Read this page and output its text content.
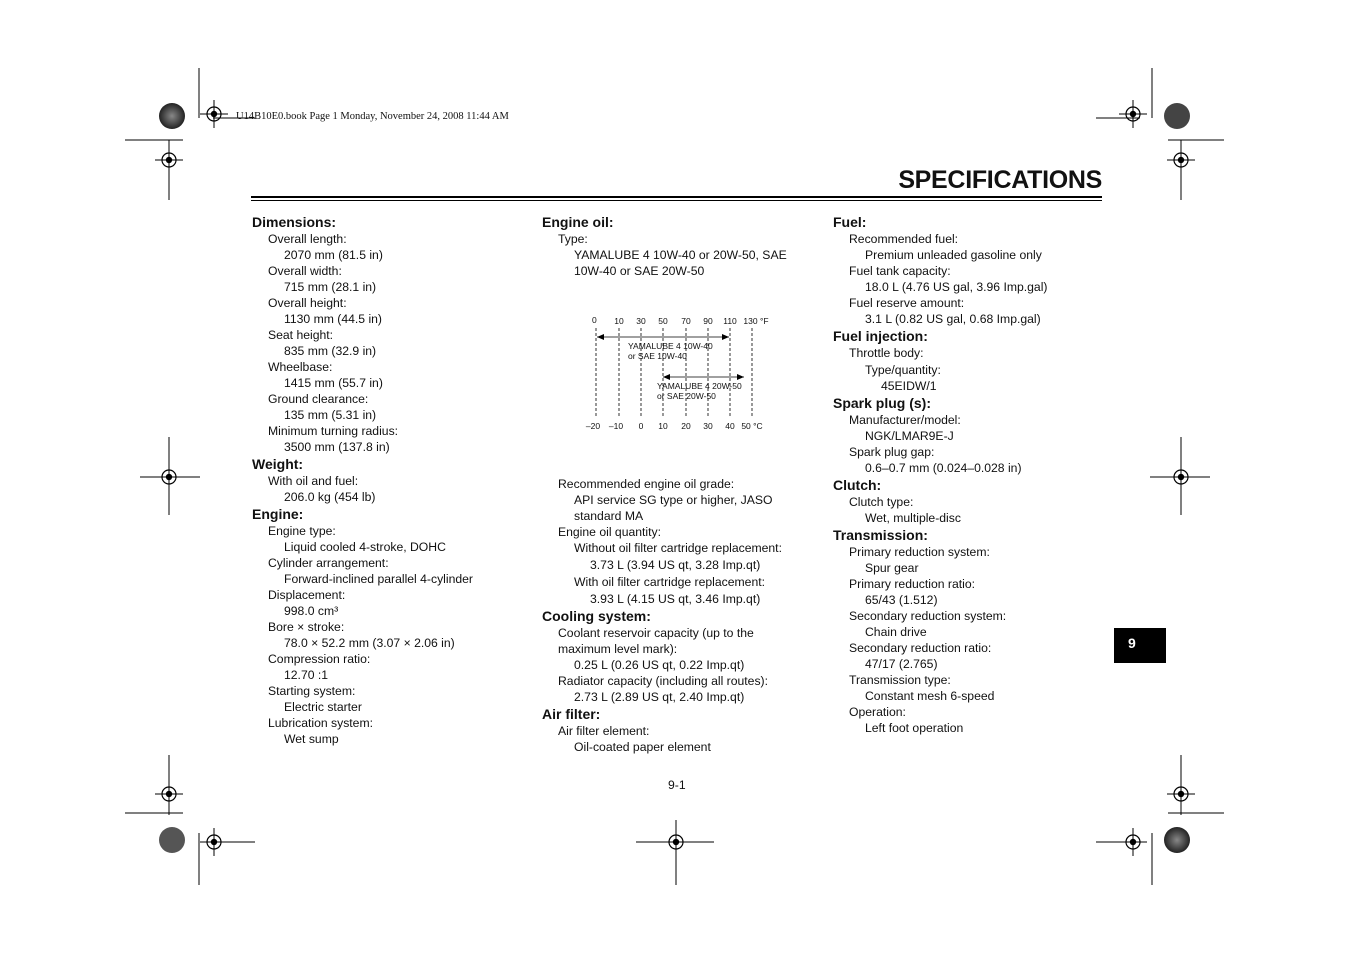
U14B10E0.book Page 1 Monday, November 24, 2008 11:44 AM
SPECIFICATIONS
Dimensions:
Overall length:
2070 mm (81.5 in)
Overall width:
715 mm (28.1 in)
Overall height:
1130 mm (44.5 in)
Seat height:
835 mm (32.9 in)
Wheelbase:
1415 mm (55.7 in)
Ground clearance:
135 mm (5.31 in)
Minimum turning radius:
3500 mm (137.8 in)
Weight:
With oil and fuel:
206.0 kg (454 lb)
Engine:
Engine type:
Liquid cooled 4-stroke, DOHC
Cylinder arrangement:
Forward-inclined parallel 4-cylinder
Displacement:
998.0 cm³
Bore × stroke:
78.0 × 52.2 mm (3.07 × 2.06 in)
Compression ratio:
12.70 :1
Starting system:
Electric starter
Lubrication system:
Wet sump
Engine oil:
Type:
YAMALUBE 4 10W-40 or 20W-50, SAE
10W-40 or SAE 20W-50
Recommended engine oil grade:
API service SG type or higher, JASO
standard MA
Engine oil quantity:
Without oil filter cartridge replacement:
3.73 L (3.94 US qt, 3.28 Imp.qt)
With oil filter cartridge replacement:
3.93 L (4.15 US qt, 3.46 Imp.qt)
Cooling system:
Coolant reservoir capacity (up to the
maximum level mark):
0.25 L (0.26 US qt, 0.22 Imp.qt)
Radiator capacity (including all routes):
2.73 L (2.89 US qt, 2.40 Imp.qt)
Air filter:
Air filter element:
Oil-coated paper element
0 10 30 50 70 90 110 130 °F
–20 –10 0 10 20 30 40 50 °C
YAMALUBE 4 10W-40
or SAE 10W-40
YAMALUBE 4 20W-50
or SAE 20W-50
Fuel:
Recommended fuel:
Premium unleaded gasoline only
Fuel tank capacity:
18.0 L (4.76 US gal, 3.96 Imp.gal)
Fuel reserve amount:
3.1 L (0.82 US gal, 0.68 Imp.gal)
Fuel injection:
Throttle body:
Type/quantity:
45EIDW/1
Spark plug (s):
Manufacturer/model:
NGK/LMAR9E-J
Spark plug gap:
0.6–0.7 mm (0.024–0.028 in)
Clutch:
Clutch type:
Wet, multiple-disc
Transmission:
Primary reduction system:
Spur gear
Primary reduction ratio:
65/43 (1.512)
Secondary reduction system:
Chain drive
Secondary reduction ratio:
47/17 (2.765)
Transmission type:
Constant mesh 6-speed
Operation:
Left foot operation
9-1
9
